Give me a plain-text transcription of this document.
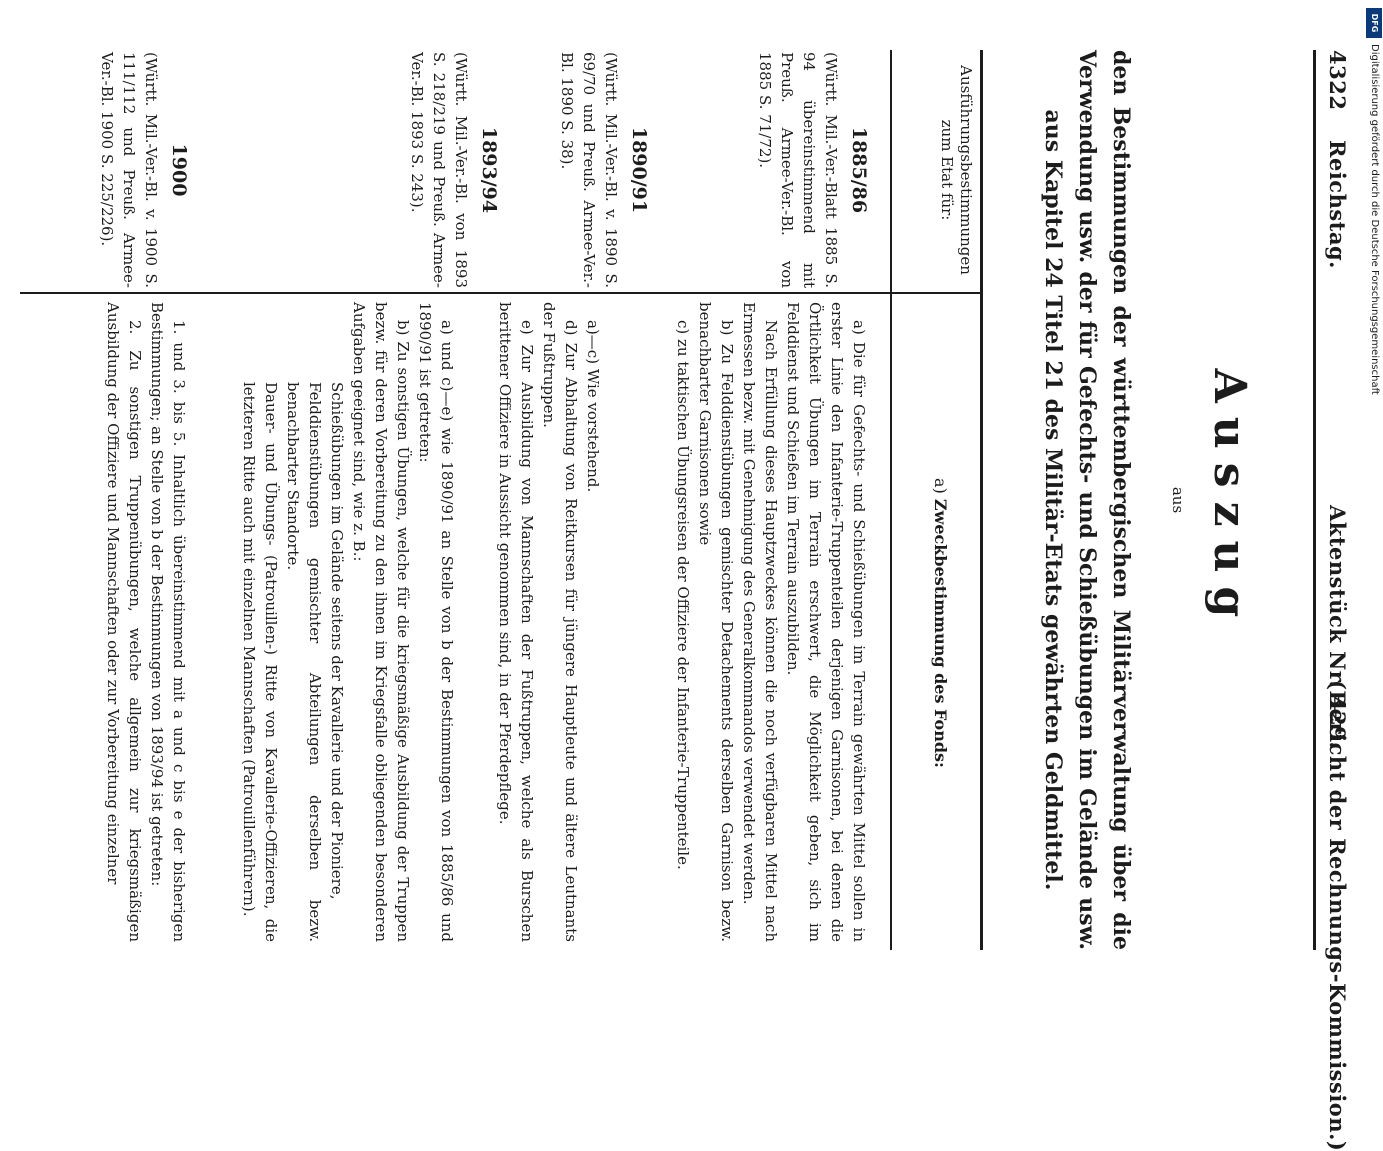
4322
Reichstag.
Aktenstück Nr. 429.
(Bericht der Rechnungs-Kommission.)
Auszug
aus
den Bestimmungen der württembergischen Militärverwaltung über die Verwendung usw. der für Gefechts- und Schießübungen im Gelände usw. aus Kapitel 24 Titel 21 des Militär-Etats gewährten Geldmittel.
Ausführungsbestimmungen zum Etat für:
a) Zweckbestimmung des Fonds:
1885/86
(Württ. Mil.-Ver.-Blatt 1885 S. 94 übereinstimmend mit Preuß. Armee-Ver.-Bl. von 1885 S. 71/72).

a) Die für Gefechts- und Schießübungen im Terrain gewährten Mittel sollen in erster Linie den Infanterie-Truppenteilen derjenigen Garnisonen, bei denen die Örtlichkeit Übungen im Terrain erschwert, die Möglichkeit geben, sich im Felddienst und Schießen im Terrain auszubilden.

Nach Erfüllung dieses Hauptzweckes können die noch verfügbaren Mittel nach Ermessen bezw. mit Genehmigung des Generalkommandos verwendet werden.

b) Zu Felddienstübungen gemischter Detachements derselben Garnison bezw. benachbarter Garnisonen sowie

c) zu taktischen Übungsreisen der Offiziere der Infanterie-Truppenteile.

1890/91
(Württ. Mil.-Ver.-Bl. v. 1890 S. 69/70 und Preuß. Armee-Ver.-Bl. 1890 S. 38).

a)—c) Wie vorstehend.

d) Zur Abhaltung von Reitkursen für jüngere Hauptleute und ältere Leutnants der Fußtruppen.

e) Zur Ausbildung von Mannschaften der Fußtruppen, welche als Burschen berittener Offiziere in Aussicht genommen sind, in der Pferdepflege.

1893/94
(Württ. Mil.-Ver.-Bl. von 1893 S. 218/219 und Preuß. Armee-Ver.-Bl. 1893 S. 243).

a) und c)—e) wie 1890/91 an Stelle von b der Bestimmungen von 1885/86 und 1890/91 ist getreten:

b) Zu sonstigen Übungen, welche für die kriegsmäßige Ausbildung der Truppen bezw. für deren Vorbereitung zu den ihnen im Kriegsfalle obliegenden besonderen Aufgaben geeignet sind, wie z. B.:

Schießübungen im Gelände seitens der Kavallerie und der Pioniere,

Felddienstübungen gemischter Abteilungen derselben bezw. benachbarter Standorte.

Dauer- und Übungs- (Patrouillen-) Ritte von Kavallerie-Offizieren, die letzteren Ritte auch mit einzelnen Mannschaften (Patrouillenführern).

1900
(Württ. Mil.-Ver.-Bl. v. 1900 S. 111/112 und Preuß. Armee-Ver.-Bl. 1900 S. 225/226).

1. und 3. bis 5. Inhaltlich übereinstimmend mit a und c bis e der bisherigen Bestimmungen; an Stelle von b der Bestimmungen von 1893/94 ist getreten:

2. Zu sonstigen Truppenübungen, welche allgemein zur kriegsmäßigen Ausbildung der Offiziere und Mannschaften oder zur Vorbereitung einzelner

DFG
Digitalisierung gefördert durch die Deutsche Forschungsgemeinschaft
